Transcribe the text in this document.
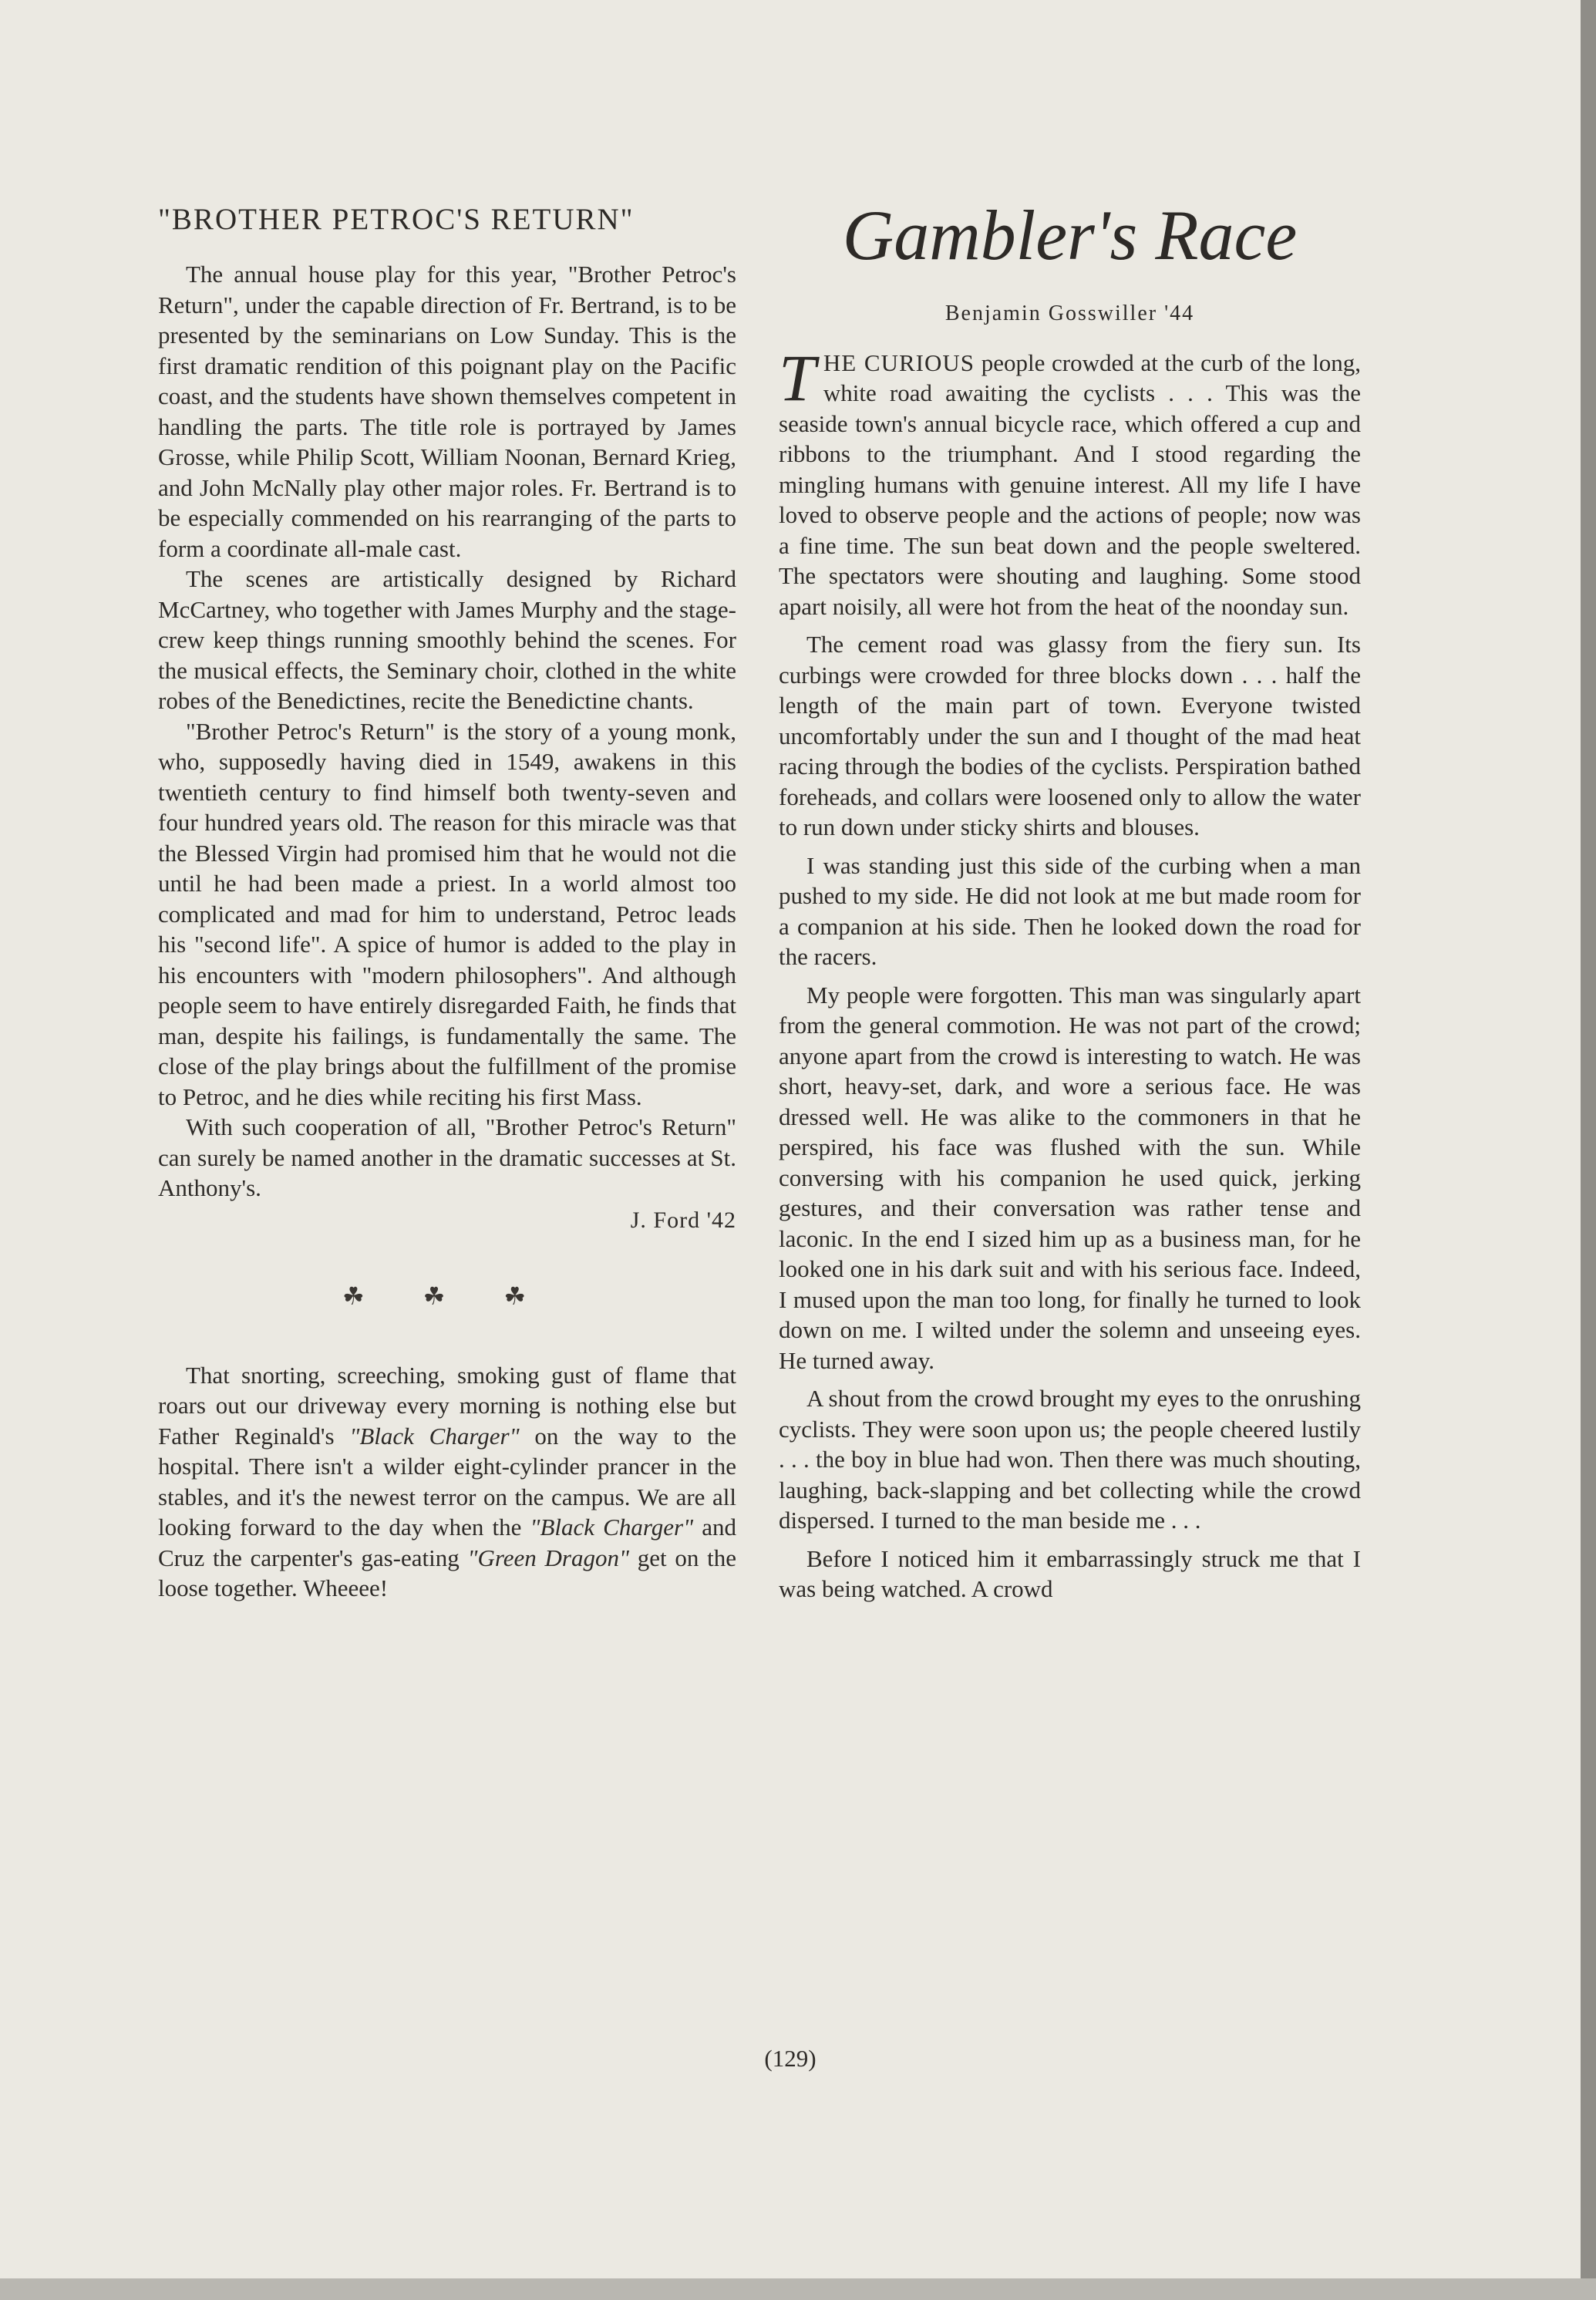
"BROTHER PETROC'S RETURN"

The annual house play for this year, "Brother Petroc's Return", under the capable direction of Fr. Bertrand, is to be presented by the seminarians on Low Sunday. This is the first dramatic rendition of this poignant play on the Pacific coast, and the students have shown themselves competent in handling the parts. The title role is portrayed by James Grosse, while Philip Scott, William Noonan, Bernard Krieg, and John McNally play other major roles. Fr. Bertrand is to be especially commended on his rearranging of the parts to form a coordinate all-male cast.

The scenes are artistically designed by Richard McCartney, who together with James Murphy and the stage-crew keep things running smoothly behind the scenes. For the musical effects, the Seminary choir, clothed in the white robes of the Benedictines, recite the Benedictine chants.

"Brother Petroc's Return" is the story of a young monk, who, supposedly having died in 1549, awakens in this twentieth century to find himself both twenty-seven and four hundred years old. The reason for this miracle was that the Blessed Virgin had promised him that he would not die until he had been made a priest. In a world almost too complicated and mad for him to understand, Petroc leads his "second life". A spice of humor is added to the play in his encounters with "modern philosophers". And although people seem to have entirely disregarded Faith, he finds that man, despite his failings, is fundamentally the same. The close of the play brings about the fulfillment of the promise to Petroc, and he dies while reciting his first Mass.

With such cooperation of all, "Brother Petroc's Return" can surely be named another in the dramatic successes at St. Anthony's.

J. Ford '42
☘ ☘ ☘

That snorting, screeching, smoking gust of flame that roars out our driveway every morning is nothing else but Father Reginald's "Black Charger" on the way to the hospital. There isn't a wilder eight-cylinder prancer in the stables, and it's the newest terror on the campus. We are all looking forward to the day when the "Black Charger" and Cruz the carpenter's gas-eating "Green Dragon" get on the loose together. Wheeee!

Gambler's Race
Benjamin Gosswiller '44

THE CURIOUS people crowded at the curb of the long, white road awaiting the cyclists . . . This was the seaside town's annual bicycle race, which offered a cup and ribbons to the triumphant. And I stood regarding the mingling humans with genuine interest. All my life I have loved to observe people and the actions of people; now was a fine time. The sun beat down and the people sweltered. The spectators were shouting and laughing. Some stood apart noisily, all were hot from the heat of the noonday sun.

The cement road was glassy from the fiery sun. Its curbings were crowded for three blocks down . . . half the length of the main part of town. Everyone twisted uncomfortably under the sun and I thought of the mad heat racing through the bodies of the cyclists. Perspiration bathed foreheads, and collars were loosened only to allow the water to run down under sticky shirts and blouses.

I was standing just this side of the curbing when a man pushed to my side. He did not look at me but made room for a companion at his side. Then he looked down the road for the racers.

My people were forgotten. This man was singularly apart from the general commotion. He was not part of the crowd; anyone apart from the crowd is interesting to watch. He was short, heavy-set, dark, and wore a serious face. He was dressed well. He was alike to the commoners in that he perspired, his face was flushed with the sun. While conversing with his companion he used quick, jerking gestures, and their conversation was rather tense and laconic. In the end I sized him up as a business man, for he looked one in his dark suit and with his serious face. Indeed, I mused upon the man too long, for finally he turned to look down on me. I wilted under the solemn and unseeing eyes. He turned away.

A shout from the crowd brought my eyes to the onrushing cyclists. They were soon upon us; the people cheered lustily . . . the boy in blue had won. Then there was much shouting, laughing, back-slapping and bet collecting while the crowd dispersed. I turned to the man beside me . . .

Before I noticed him it embarrassingly struck me that I was being watched. A crowd

(129)
